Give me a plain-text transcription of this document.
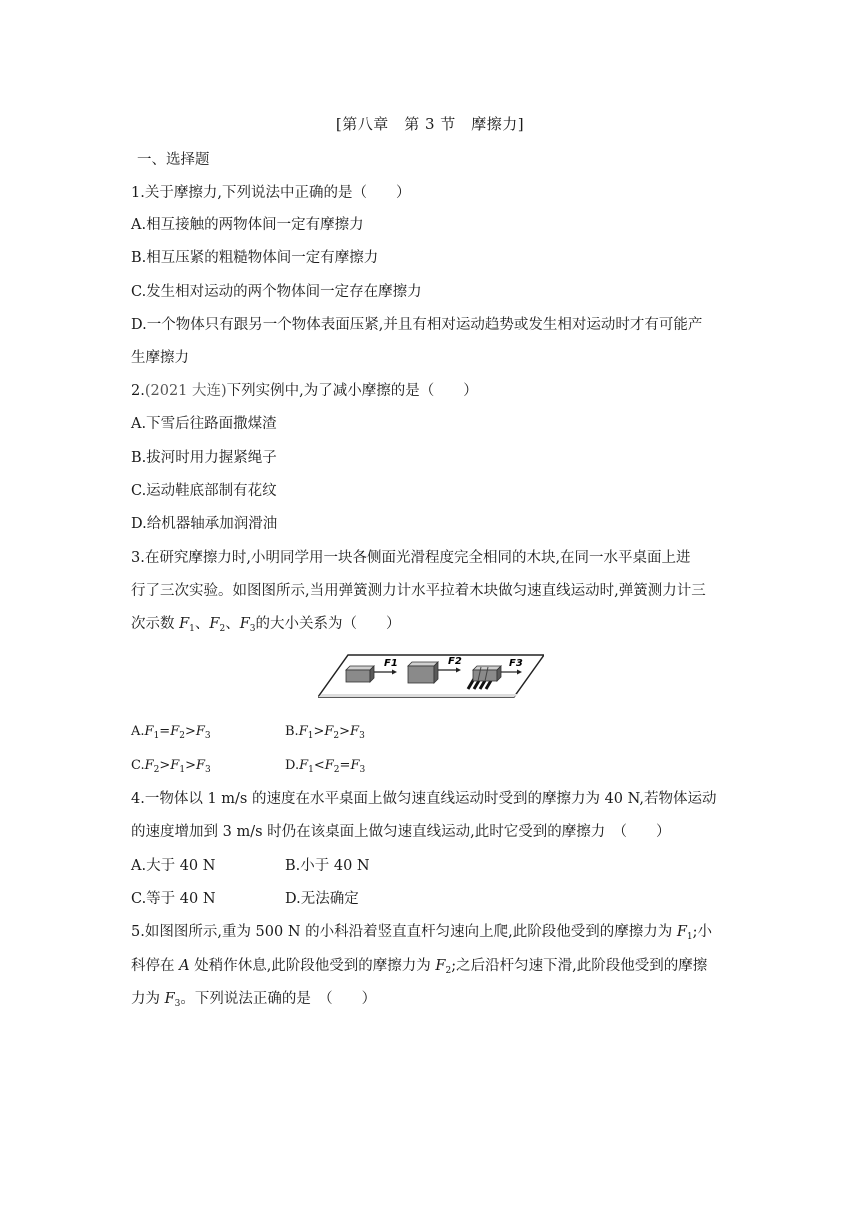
[第八章　第 3 节　摩擦力]
一、选择题
1.关于摩擦力,下列说法中正确的是（　　）
A.相互接触的两物体间一定有摩擦力
B.相互压紧的粗糙物体间一定有摩擦力
C.发生相对运动的两个物体间一定存在摩擦力
D.一个物体只有跟另一个物体表面压紧,并且有相对运动趋势或发生相对运动时才有可能产
生摩擦力
2.(2021 大连)下列实例中,为了减小摩擦的是（　　）
A.下雪后往路面撒煤渣
B.拔河时用力握紧绳子
C.运动鞋底部制有花纹
D.给机器轴承加润滑油
3.在研究摩擦力时,小明同学用一块各侧面光滑程度完全相同的木块,在同一水平桌面上进
行了三次实验。如图图所示,当用弹簧测力计水平拉着木块做匀速直线运动时,弹簧测力计三
次示数 $F_1$、$F_2$、$F_3$的大小关系为（　　）
F1	F2	F3
$A.F_1=F_2>F_3$	$B.F_1>F_2>F_3$
$C.F_2>F_1>F_3$	$D.F_1<F_2=F_3$
4.一物体以 1 m/s 的速度在水平桌面上做匀速直线运动时受到的摩擦力为 40 N,若物体运动
的速度增加到 3 m/s 时仍在该桌面上做匀速直线运动,此时它受到的摩擦力　（　　）
A.大于 40 N	B.小于 40 N
C.等于 40 N	D.无法确定
5.如图图所示,重为 500 N 的小科沿着竖直直杆匀速向上爬,此阶段他受到的摩擦力为 $F_1$;小
科停在 A 处稍作休息,此阶段他受到的摩擦力为 $F_2$;之后沿杆匀速下滑,此阶段他受到的摩擦
力为 $F_3$。下列说法正确的是　（　　）
